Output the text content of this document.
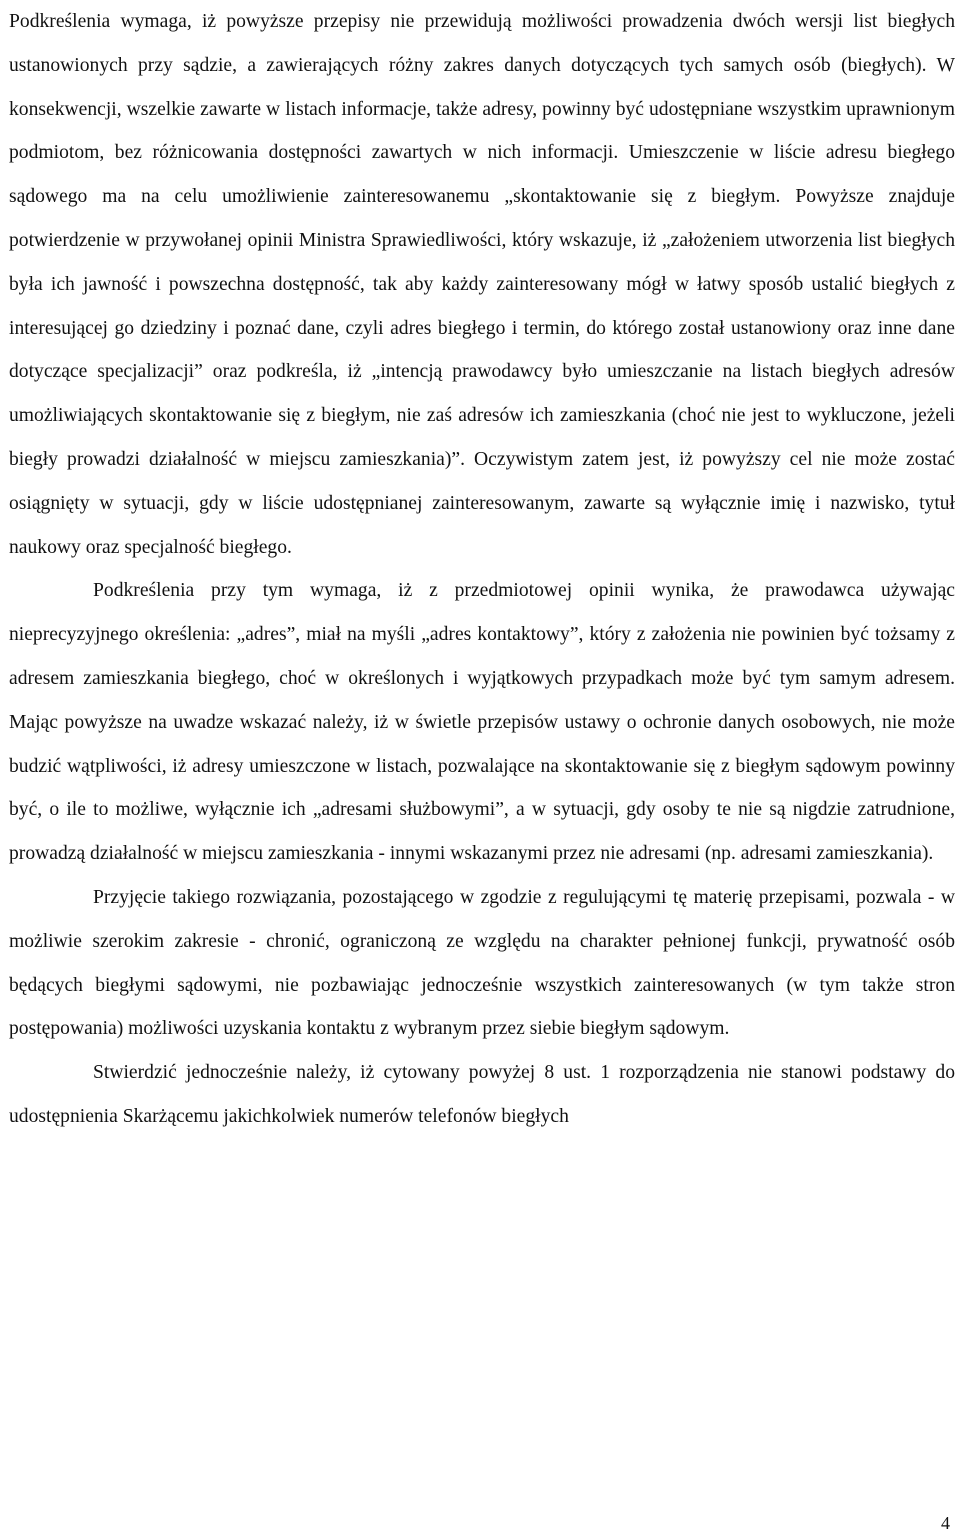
Podkreślenia wymaga, iż powyższe przepisy nie przewidują możliwości prowadzenia dwóch wersji list biegłych ustanowionych przy sądzie, a zawierających różny zakres danych dotyczących tych samych osób (biegłych). W konsekwencji, wszelkie zawarte w listach informacje, także adresy, powinny być udostępniane wszystkim uprawnionym podmiotom, bez różnicowania dostępności zawartych w nich informacji. Umieszczenie w liście adresu biegłego sądowego ma na celu umożliwienie zainteresowanemu „skontaktowanie się z biegłym. Powyższe znajduje potwierdzenie w przywołanej opinii Ministra Sprawiedliwości, który wskazuje, iż „założeniem utworzenia list biegłych była ich jawność i powszechna dostępność, tak aby każdy zainteresowany mógł w łatwy sposób ustalić biegłych z interesującej go dziedziny i poznać dane, czyli adres biegłego i termin, do którego został ustanowiony oraz inne dane dotyczące specjalizacji” oraz podkreśla, iż „intencją prawodawcy było umieszczanie na listach biegłych adresów umożliwiających skontaktowanie się z biegłym, nie zaś adresów ich zamieszkania (choć nie jest to wykluczone, jeżeli biegły prowadzi działalność w miejscu zamieszkania)”. Oczywistym zatem jest, iż powyższy cel nie może zostać osiągnięty w sytuacji, gdy w liście udostępnianej zainteresowanym, zawarte są wyłącznie imię i nazwisko, tytuł naukowy oraz specjalność biegłego.

Podkreślenia przy tym wymaga, iż z przedmiotowej opinii wynika, że prawodawca używając nieprecyzyjnego określenia: „adres”, miał na myśli „adres kontaktowy”, który z założenia nie powinien być tożsamy z adresem zamieszkania biegłego, choć w określonych i wyjątkowych przypadkach może być tym samym adresem. Mając powyższe na uwadze wskazać należy, iż w świetle przepisów ustawy o ochronie danych osobowych, nie może budzić wątpliwości, iż adresy umieszczone w listach, pozwalające na skontaktowanie się z biegłym sądowym powinny być, o ile to możliwe, wyłącznie ich „adresami służbowymi”, a w sytuacji, gdy osoby te nie są nigdzie zatrudnione, prowadzą działalność w miejscu zamieszkania - innymi wskazanymi przez nie adresami (np. adresami zamieszkania).

Przyjęcie takiego rozwiązania, pozostającego w zgodzie z regulującymi tę materię przepisami, pozwala - w możliwie szerokim zakresie - chronić, ograniczoną ze względu na charakter pełnionej funkcji, prywatność osób będących biegłymi sądowymi, nie pozbawiając jednocześnie wszystkich zainteresowanych (w tym także stron postępowania) możliwości uzyskania kontaktu z wybranym przez siebie biegłym sądowym.

Stwierdzić jednocześnie należy, iż cytowany powyżej 8 ust. 1 rozporządzenia nie stanowi podstawy do udostępnienia Skarżącemu jakichkolwiek numerów telefonów biegłych

4
